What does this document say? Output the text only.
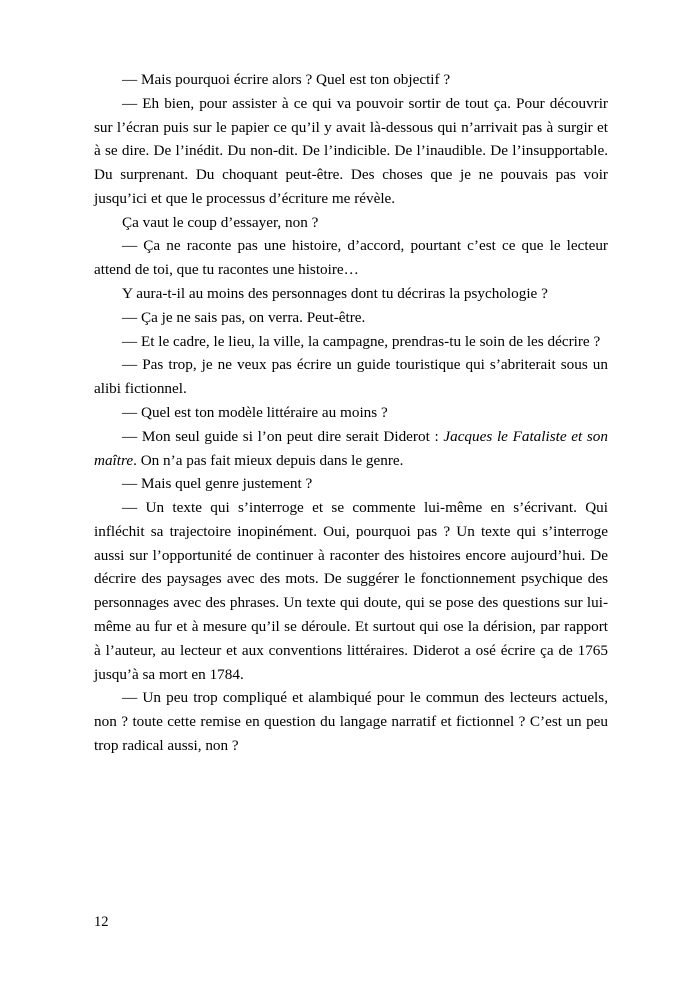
— Mais pourquoi écrire alors ? Quel est ton objectif ?

— Eh bien, pour assister à ce qui va pouvoir sortir de tout ça. Pour découvrir sur l’écran puis sur le papier ce qu’il y avait là-dessous qui n’arrivait pas à surgir et à se dire. De l’inédit. Du non-dit. De l’indicible. De l’inaudible. De l’insupportable. Du surprenant. Du choquant peut-être. Des choses que je ne pouvais pas voir jusqu’ici et que le processus d’écriture me révèle.

Ça vaut le coup d’essayer, non ?

— Ça ne raconte pas une histoire, d’accord, pourtant c’est ce que le lecteur attend de toi, que tu racontes une histoire…

Y aura-t-il au moins des personnages dont tu décriras la psychologie ?

— Ça je ne sais pas, on verra. Peut-être.

— Et le cadre, le lieu, la ville, la campagne, prendras-tu le soin de les décrire ?

— Pas trop, je ne veux pas écrire un guide touristique qui s’abriterait sous un alibi fictionnel.

— Quel est ton modèle littéraire au moins ?

— Mon seul guide si l’on peut dire serait Diderot : Jacques le Fataliste et son maître. On n’a pas fait mieux depuis dans le genre.

— Mais quel genre justement ?

— Un texte qui s’interroge et se commente lui-même en s’écrivant. Qui infléchit sa trajectoire inopinément. Oui, pourquoi pas ? Un texte qui s’interroge aussi sur l’opportunité de continuer à raconter des histoires encore aujourd’hui. De décrire des paysages avec des mots. De suggérer le fonctionnement psychique des personnages avec des phrases. Un texte qui doute, qui se pose des questions sur lui-même au fur et à mesure qu’il se déroule. Et surtout qui ose la dérision, par rapport à l’auteur, au lecteur et aux conventions littéraires. Diderot a osé écrire ça de 1765 jusqu’à sa mort en 1784.

— Un peu trop compliqué et alambiqué pour le commun des lecteurs actuels, non ? toute cette remise en question du langage narratif et fictionnel ? C’est un peu trop radical aussi, non ?

12
